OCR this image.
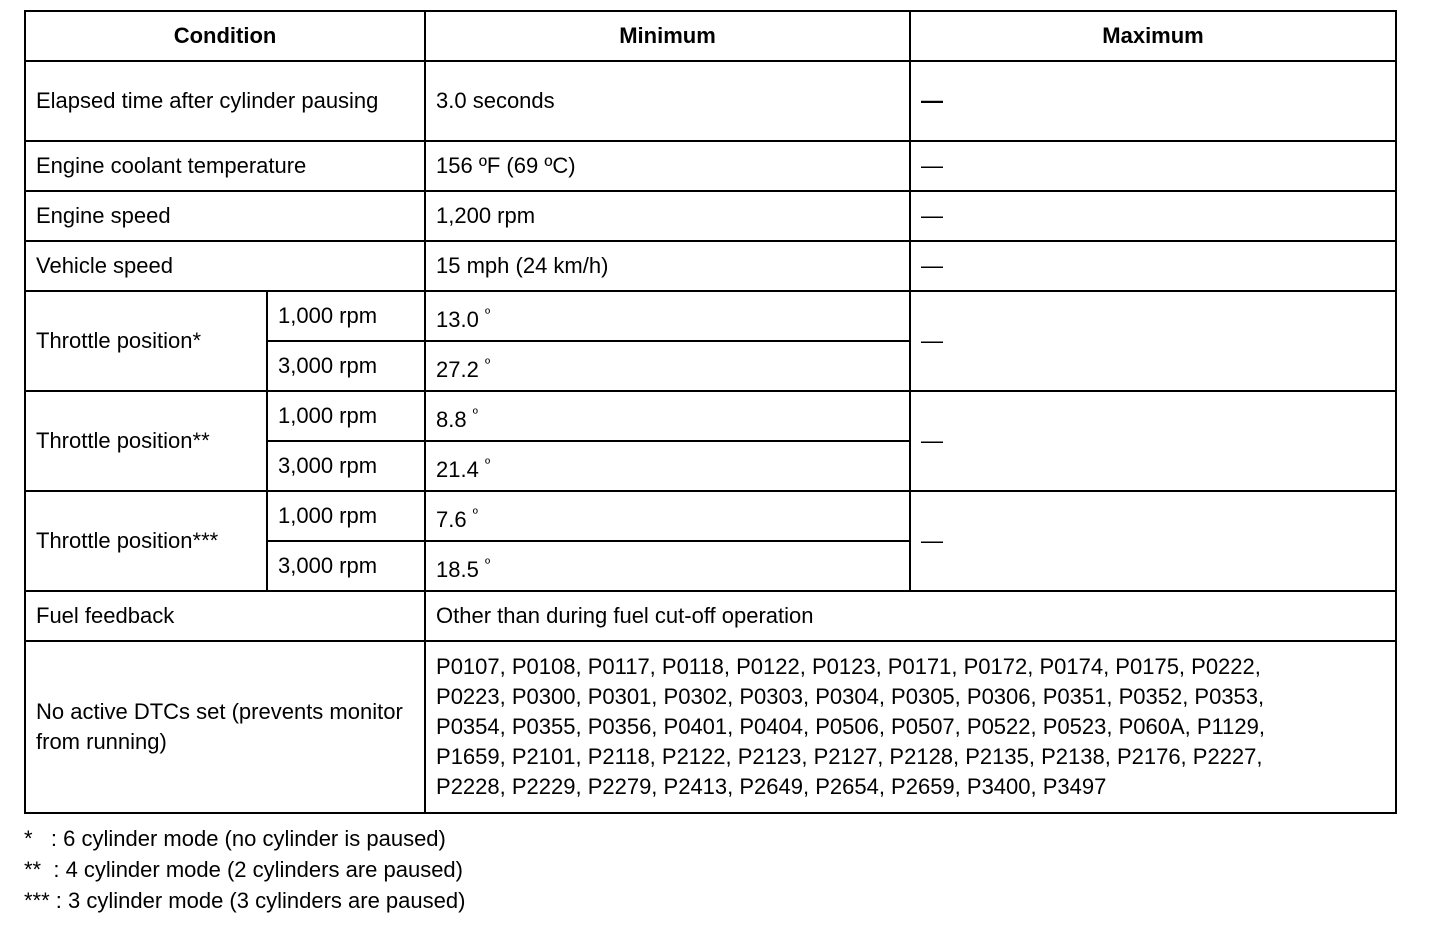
Condition		Minimum	Maximum
Elapsed time after cylinder pausing		3.0 seconds	—
Engine coolant temperature		156 ºF (69 ºC)	—
Engine speed		1,200 rpm	—
Vehicle speed		15 mph (24 km/h)	—
Throttle position*	1,000 rpm	13.0 $^º$	—
	3,000 rpm	27.2 $^º$
Throttle position**	1,000 rpm	8.8 $^º$	—
	3,000 rpm	21.4 $^º$
Throttle position***	1,000 rpm	7.6 $^º$	—
	3,000 rpm	18.5 $^º$
Fuel feedback		Other than during fuel cut-off operation	
No active DTCs set (prevents monitor from running)		P0107, P0108, P0117, P0118, P0122, P0123, P0171, P0172, P0174, P0175, P0222,
P0223, P0300, P0301, P0302, P0303, P0304, P0305, P0306, P0351, P0352, P0353,
P0354, P0355, P0356, P0401, P0404, P0506, P0507, P0522, P0523, P060A, P1129,
P1659, P2101, P2118, P2122, P2123, P2127, P2128, P2135, P2138, P2176, P2227,
P2228, P2229, P2279, P2413, P2649, P2654, P2659, P3400, P3497	
*   : 6 cylinder mode (no cylinder is paused)
**  : 4 cylinder mode (2 cylinders are paused)
*** : 3 cylinder mode (3 cylinders are paused)
